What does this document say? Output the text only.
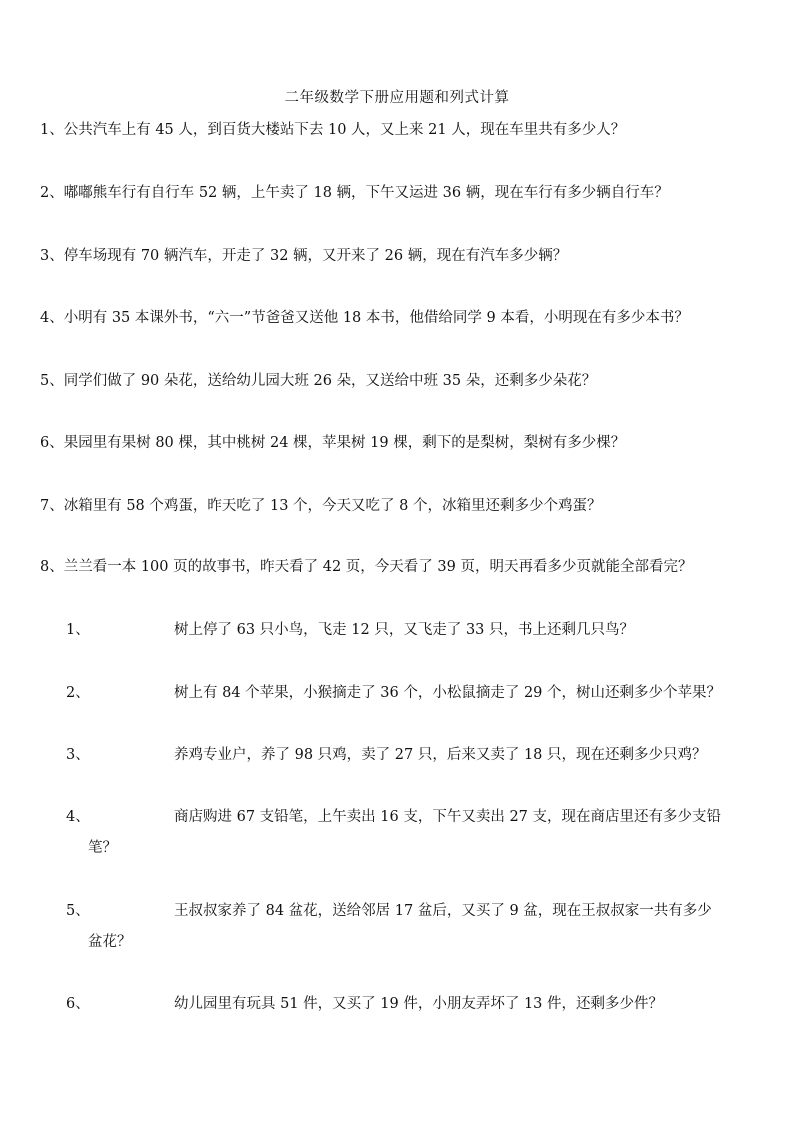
二年级数学下册应用题和列式计算
1、公共汽车上有 45 人，到百货大楼站下去 10 人，又上来 21 人，现在车里共有多少人？
2、嘟嘟熊车行有自行车 52 辆，上午卖了 18 辆，下午又运进 36 辆，现在车行有多少辆自行车？
3、停车场现有 70 辆汽车，开走了 32 辆，又开来了 26 辆，现在有汽车多少辆？
4、小明有 35 本课外书，“六一”节爸爸又送他 18 本书，他借给同学 9 本看，小明现在有多少本书？
5、同学们做了 90 朵花，送给幼儿园大班 26 朵，又送给中班 35 朵，还剩多少朵花？
6、果园里有果树 80 棵，其中桃树 24 棵，苹果树 19 棵，剩下的是梨树，梨树有多少棵？
7、冰箱里有 58 个鸡蛋，昨天吃了 13 个，今天又吃了 8 个，冰箱里还剩多少个鸡蛋？
8、兰兰看一本 100 页的故事书，昨天看了 42 页，今天看了 39 页，明天再看多少页就能全部看完？
1、	树上停了 63 只小鸟，飞走 12 只，又飞走了 33 只，书上还剩几只鸟？
2、	树上有 84 个苹果，小猴摘走了 36 个，小松鼠摘走了 29 个，树山还剩多少个苹果？
3、	养鸡专业户，养了 98 只鸡，卖了 27 只，后来又卖了 18 只，现在还剩多少只鸡？
4、	商店购进 67 支铅笔，上午卖出 16 支，下午又卖出 27 支，现在商店里还有多少支铅
笔？
5、	王叔叔家养了 84 盆花，送给邻居 17 盆后，又买了 9 盆，现在王叔叔家一共有多少
盆花？
6、	幼儿园里有玩具 51 件，又买了 19 件，小朋友弄坏了 13 件，还剩多少件？
